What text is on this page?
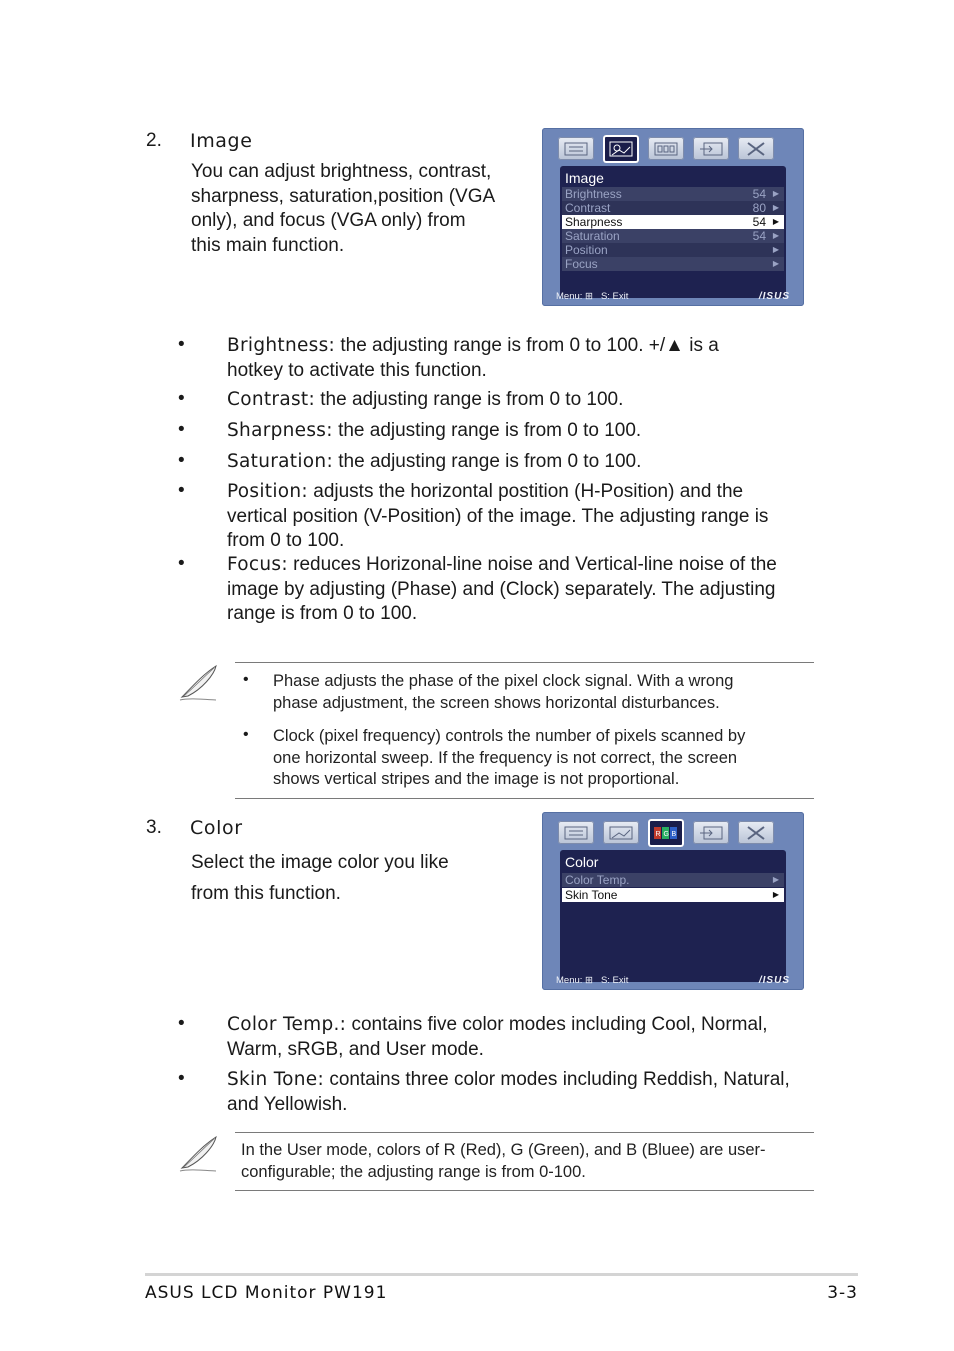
2. Image
You can adjust brightness, contrast,
sharpness, saturation,position (VGA
only), and focus (VGA only) from
this main function.
Image
Brightness	54 ▶
Contrast	80 ▶
Sharpness	54 ▶
Saturation	54 ▶
Position	▶
Focus	▶
Menu: ⊞ S: Exit	/ISUS
• Brightness: the adjusting range is from 0 to 100. +/▲ is a
hotkey to activate this function.
• Contrast: the adjusting range is from 0 to 100.
• Sharpness: the adjusting range is from 0 to 100.
• Saturation: the adjusting range is from 0 to 100.
• Position: adjusts the horizontal postition (H-Position) and the
vertical position (V-Position) of the image. The adjusting range is
from 0 to 100.
• Focus: reduces Horizonal-line noise and Vertical-line noise of the
image by adjusting (Phase) and (Clock) separately. The adjusting
range is from 0 to 100.
• Phase adjusts the phase of the pixel clock signal. With a wrong
phase adjustment, the screen shows horizontal disturbances.
• Clock (pixel frequency) controls the number of pixels scanned by
one horizontal sweep. If the frequency is not correct, the screen
shows vertical stripes and the image is not proportional.
3. Color
Select the image color you like
from this function.
R G B
Color
Color Temp.	▶
Skin Tone	▶
Menu: ⊞ S: Exit	/ISUS
• Color Temp.: contains five color modes including Cool, Normal,
Warm, sRGB, and User mode.
• Skin Tone: contains three color modes including Reddish, Natural,
and Yellowish.
In the User mode, colors of R (Red), G (Green), and B (Bluee) are user-
configurable; the adjusting range is from 0-100.
ASUS LCD Monitor PW191	3-3
